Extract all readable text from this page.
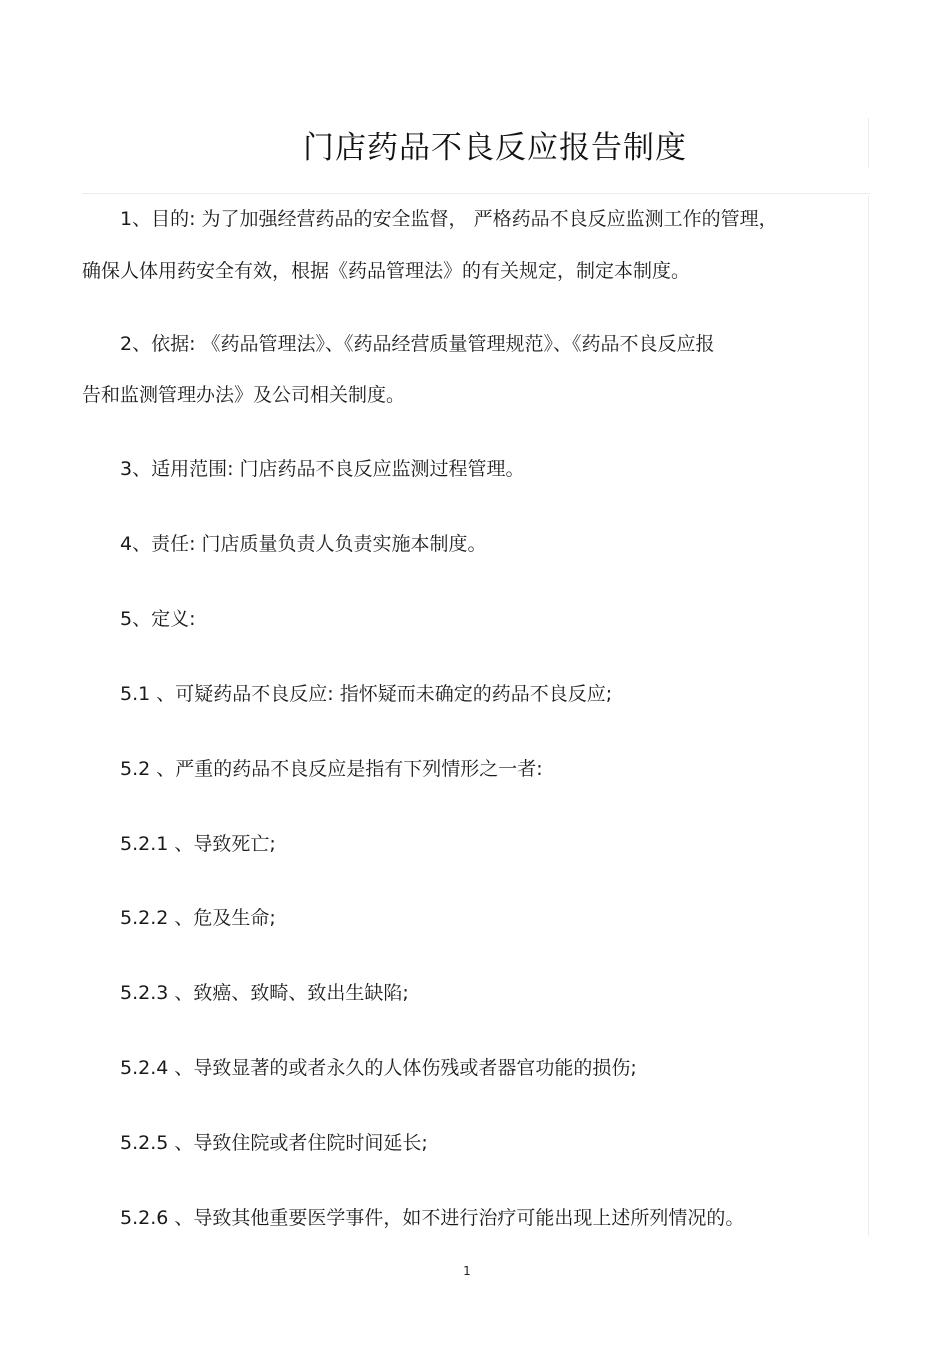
门店药品不良反应报告制度
1、目的: 为了加强经营药品的安全监督， 严格药品不良反应监测工作的管理，
确保人体用药安全有效，根据《药品管理法》的有关规定，制定本制度。
2、依据: 《药品管理法》、《药品经营质量管理规范》、《药品不良反应报
告和监测管理办法》及公司相关制度。
3、适用范围: 门店药品不良反应监测过程管理。
4、责任: 门店质量负责人负责实施本制度。
5、定义:
5.1 、可疑药品不良反应: 指怀疑而未确定的药品不良反应;
5.2 、严重的药品不良反应是指有下列情形之一者:
5.2.1 、导致死亡;
5.2.2 、危及生命;
5.2.3 、致癌、致畸、致出生缺陷;
5.2.4 、导致显著的或者永久的人体伤残或者器官功能的损伤;
5.2.5 、导致住院或者住院时间延长;
5.2.6 、导致其他重要医学事件，如不进行治疗可能出现上述所列情况的。
1
